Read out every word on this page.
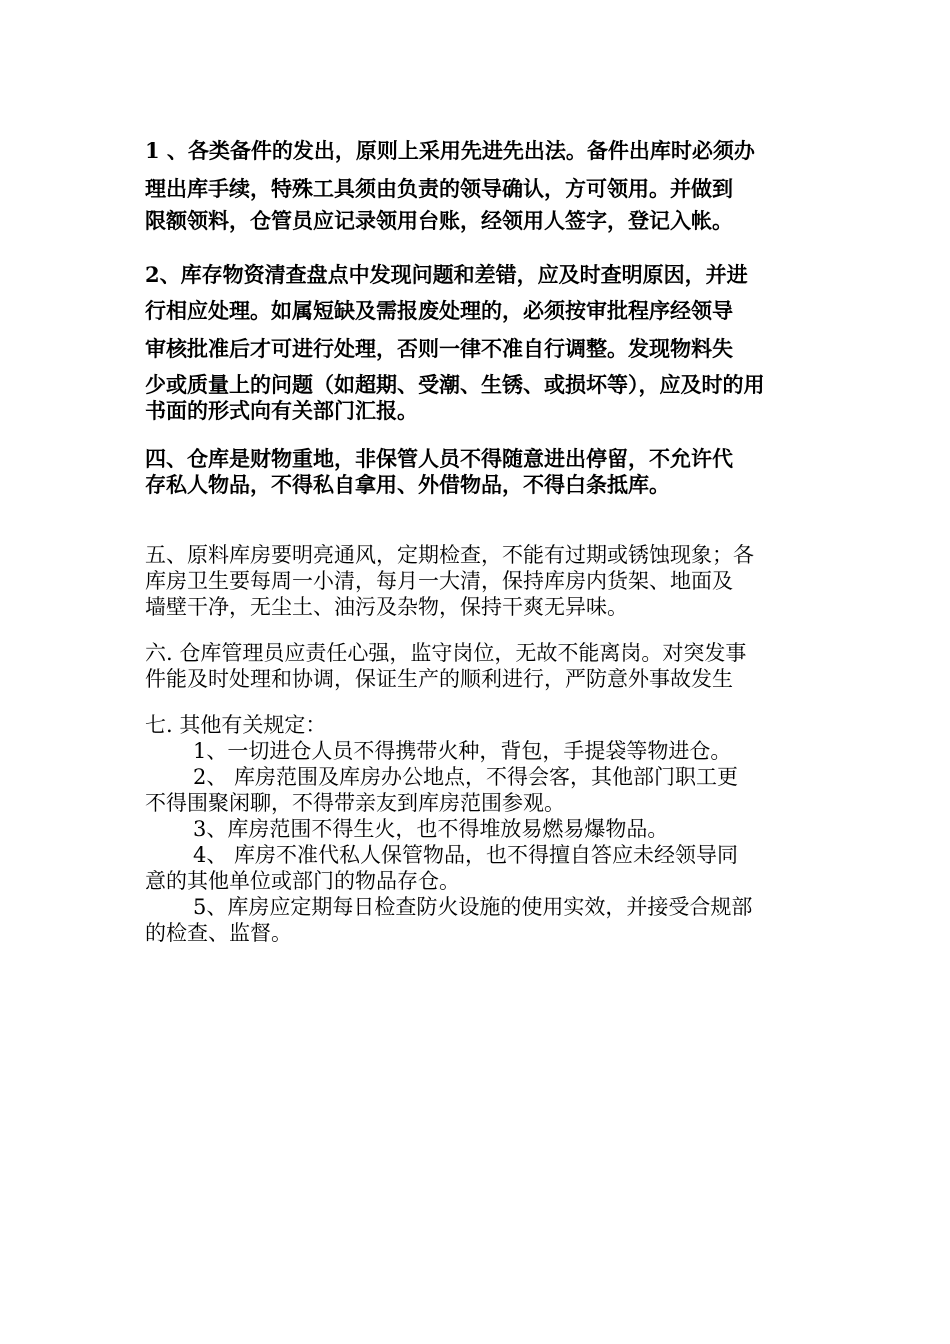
1 、各类备件的发出，原则上采用先进先出法。备件出库时必须办
理出库手续，特殊工具须由负责的领导确认，方可领用。并做到
限额领料，仓管员应记录领用台账，经领用人签字，登记入帐。
2、库存物资清查盘点中发现问题和差错，应及时查明原因，并进
行相应处理。如属短缺及需报废处理的，必须按审批程序经领导
审核批准后才可进行处理，否则一律不准自行调整。发现物料失
少或质量上的问题（如超期、受潮、生锈、或损坏等），应及时的用
书面的形式向有关部门汇报。
四、仓库是财物重地，非保管人员不得随意进出停留，不允许代
存私人物品，不得私自拿用、外借物品，不得白条抵库。
五、原料库房要明亮通风，定期检查，不能有过期或锈蚀现象；各
库房卫生要每周一小清，每月一大清，保持库房内货架、地面及
墙壁干净，无尘土、油污及杂物，保持干爽无异味。
六. 仓库管理员应责任心强，监守岗位，无故不能离岗。对突发事
件能及时处理和协调，保证生产的顺利进行，严防意外事故发生
七. 其他有关规定：
1、一切进仓人员不得携带火种，背包，手提袋等物进仓。
2、 库房范围及库房办公地点，不得会客，其他部门职工更
不得围聚闲聊，不得带亲友到库房范围参观。
3、库房范围不得生火，也不得堆放易燃易爆物品。
4、 库房不准代私人保管物品，也不得擅自答应未经领导同
意的其他单位或部门的物品存仓。
5、库房应定期每日检查防火设施的使用实效，并接受合规部
的检查、监督。
